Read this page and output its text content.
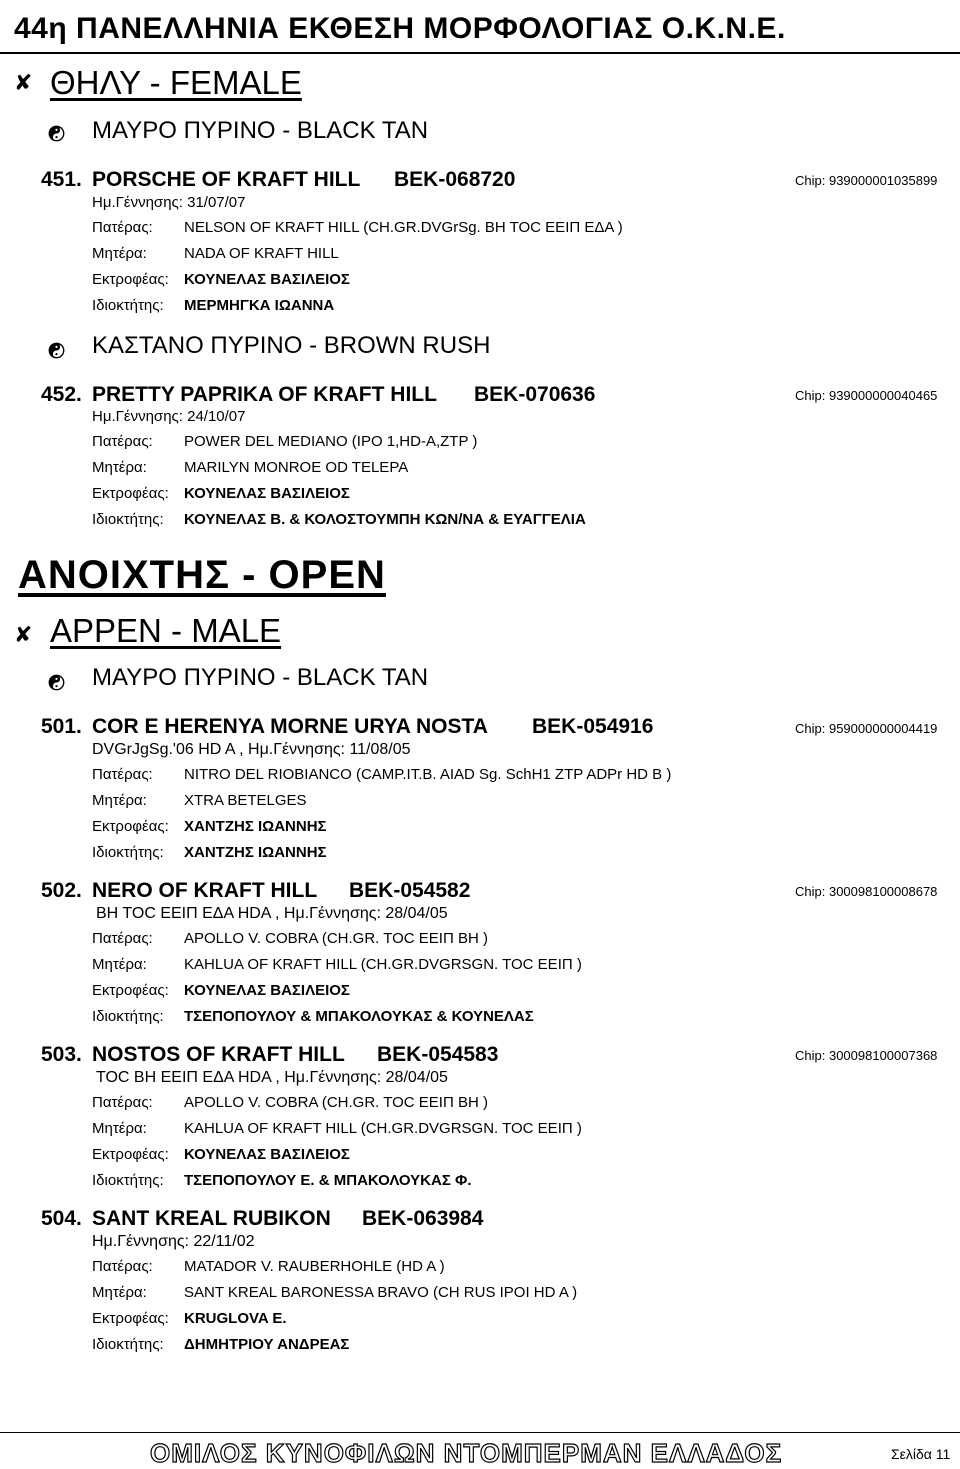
44η ΠΑΝΕΛΛΗΝΙΑ ΕΚΘΕΣΗ ΜΟΡΦΟΛΟΓΙΑΣ Ο.Κ.Ν.Ε.
✘ ΘΗΛΥ - FEMALE
ΜΑΥΡΟ ΠΥΡΙΝΟ - BLACK TAN
451. PORSCHE OF KRAFT HILL BEK-068720	Chip: 939000001035899
Ημ.Γέννησης: 31/07/07
Πατέρας: NELSON OF KRAFT HILL (CH.GR.DVGrSg. BH TOC EEIΠ EΔA )
Μητέρα: NADA OF KRAFT HILL
Εκτροφέας: ΚΟΥΝΕΛΑΣ ΒΑΣΙΛΕΙΟΣ
Ιδιοκτήτης: ΜΕΡΜΗΓΚΑ ΙΩΑΝΝΑ
ΚΑΣΤΑΝΟ ΠΥΡΙΝΟ - BROWN RUSH
452. PRETTY PAPRIKA OF KRAFT HILL BEK-070636	Chip: 939000000040465
Ημ.Γέννησης: 24/10/07
Πατέρας: POWER DEL MEDIANO (IPO 1,HD-A,ZTP )
Μητέρα: MARILYN MONROE OD TELEPA
Εκτροφέας: ΚΟΥΝΕΛΑΣ ΒΑΣΙΛΕΙΟΣ
Ιδιοκτήτης: ΚΟΥΝΕΛΑΣ Β. & ΚΟΛΟΣΤΟΥΜΠΗ ΚΩΝ/ΝΑ & ΕΥΑΓΓΕΛΙΑ
ΑΝΟΙΧΤΗΣ - OPEN
✘ ΑΡΡΕΝ - MALE
ΜΑΥΡΟ ΠΥΡΙΝΟ - BLACK TAN
501. COR E HERENYA MORNE URYA NOSTA BEK-054916	Chip: 959000000004419
DVGrJgSg.'06 HD A , Ημ.Γέννησης: 11/08/05
Πατέρας: NITRO DEL RIOBIANCO (CAMP.IT.B. AIAD Sg. SchH1 ZTP ADPr HD B )
Μητέρα: XTRA BETELGES
Εκτροφέας: ΧΑΝΤΖΗΣ ΙΩΑΝΝΗΣ
Ιδιοκτήτης: ΧΑΝΤΖΗΣ ΙΩΑΝΝΗΣ
502. NERO OF KRAFT HILL BEK-054582	Chip: 300098100008678
BH TOC EEIΠ EΔA HDA , Ημ.Γέννησης: 28/04/05
Πατέρας: APOLLO V. COBRA (CH.GR. TOC EEIΠ BH )
Μητέρα: KAHLUA OF KRAFT HILL (CH.GR.DVGRSGN. TOC EEIΠ )
Εκτροφέας: ΚΟΥΝΕΛΑΣ ΒΑΣΙΛΕΙΟΣ
Ιδιοκτήτης: ΤΣΕΠΟΠΟΥΛΟΥ & ΜΠΑΚΟΛΟΥΚΑΣ & ΚΟΥΝΕΛΑΣ
503. NOSTOS OF KRAFT HILL BEK-054583	Chip: 300098100007368
TOC BH EEIΠ EΔA HDA , Ημ.Γέννησης: 28/04/05
Πατέρας: APOLLO V. COBRA (CH.GR. TOC EEIΠ BH )
Μητέρα: KAHLUA OF KRAFT HILL (CH.GR.DVGRSGN. TOC EEIΠ )
Εκτροφέας: ΚΟΥΝΕΛΑΣ ΒΑΣΙΛΕΙΟΣ
Ιδιοκτήτης: ΤΣΕΠΟΠΟΥΛΟΥ Ε. & ΜΠΑΚΟΛΟΥΚΑΣ Φ.
504. SANT KREAL RUBIKON BEK-063984
Ημ.Γέννησης: 22/11/02
Πατέρας: MATADOR V. RAUBERHOHLE (HD A )
Μητέρα: SANT KREAL BARONESSA BRAVO (CH RUS IPOI HD A )
Εκτροφέας: KRUGLOVA E.
Ιδιοκτήτης: ΔΗΜΗΤΡΙΟΥ ΑΝΔΡΕΑΣ
ΟΜΙΛΟΣ ΚΥΝΟΦΙΛΩΝ ΝΤΟΜΠΕΡΜΑΝ ΕΛΛΑΔΟΣ	Σελίδα 11
